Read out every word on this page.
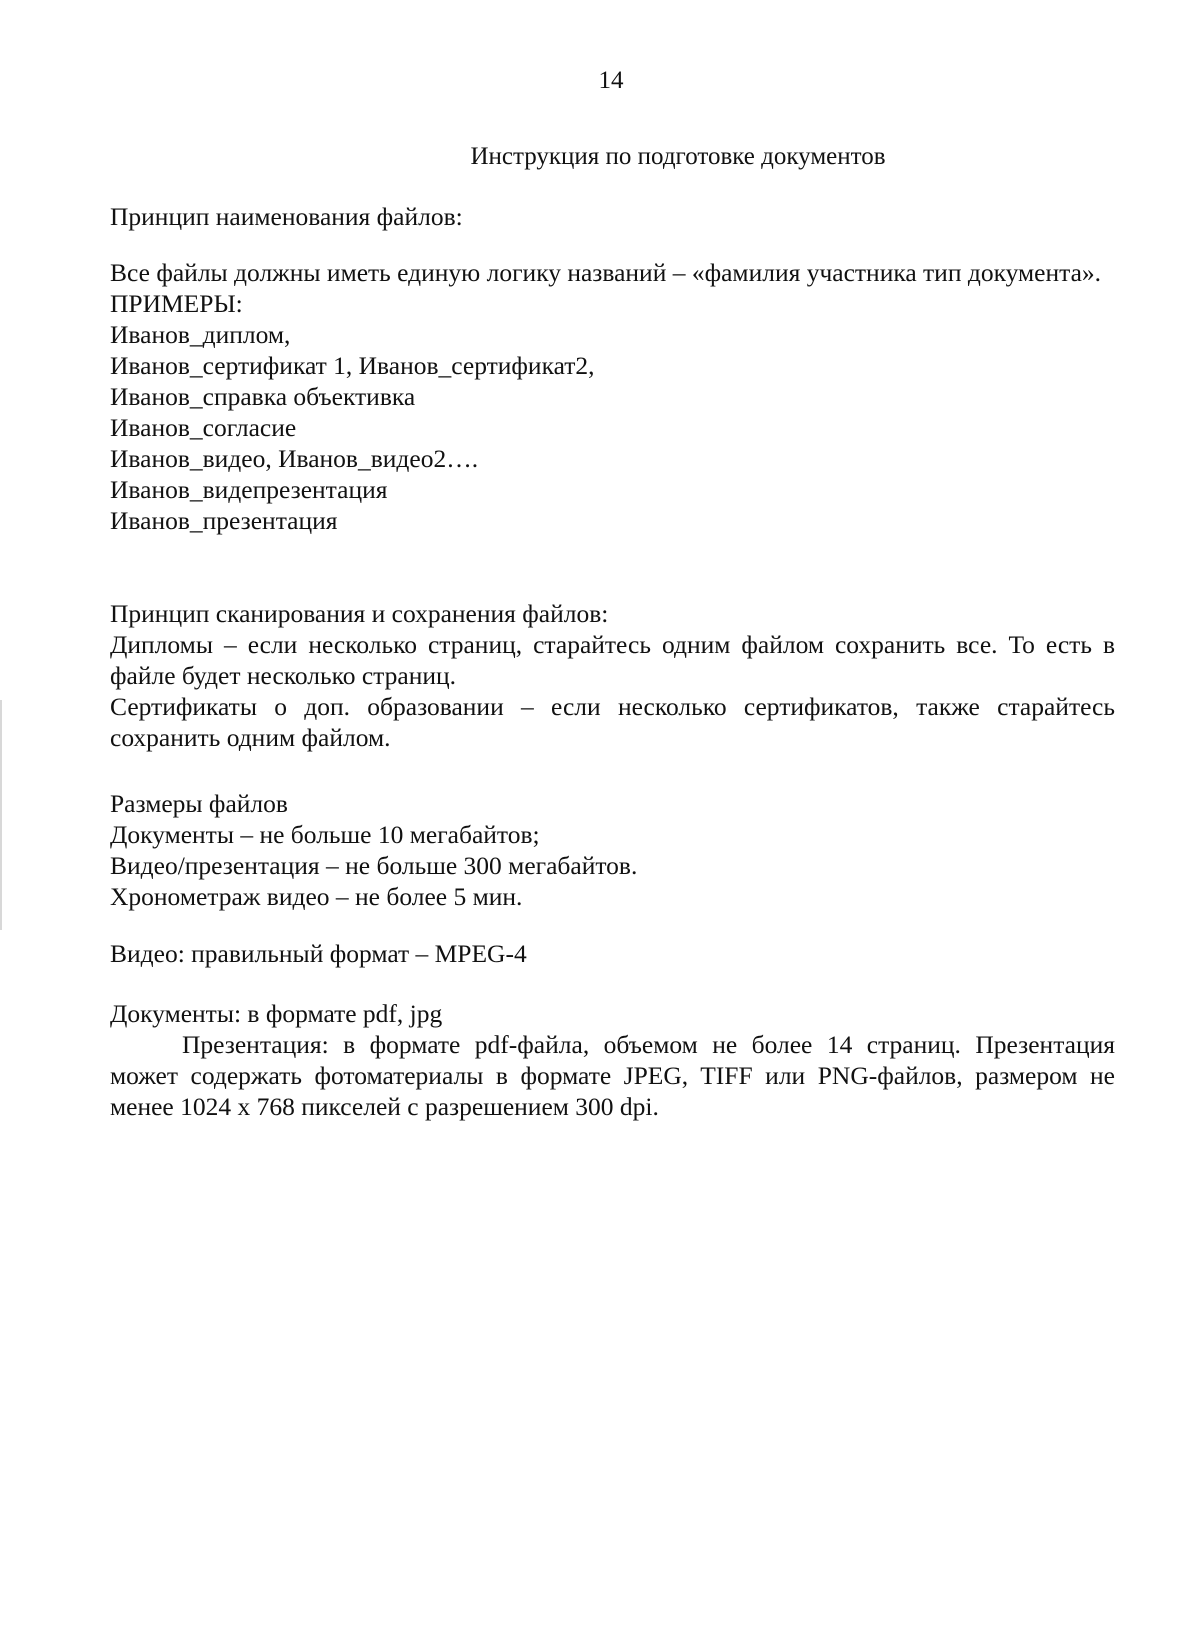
14
Инструкция по подготовке документов

Принцип наименования файлов:

Все файлы должны иметь единую логику названий – «фамилия участника тип документа».

ПРИМЕРЫ:

Иванов_диплом,

Иванов_сертификат 1, Иванов_сертификат2,

Иванов_справка объективка

Иванов_согласие

Иванов_видео, Иванов_видео2….

Иванов_видепрезентация

Иванов_презентация

Принцип сканирования и сохранения файлов:

Дипломы – если несколько страниц, старайтесь одним файлом сохранить все. То есть в файле будет несколько страниц.

Сертификаты о доп. образовании – если несколько сертификатов, также старайтесь сохранить одним файлом.

Размеры файлов

Документы – не больше 10 мегабайтов;

Видео/презентация – не больше 300 мегабайтов.

Хронометраж видео – не более 5 мин.

Видео: правильный формат – MPEG-4

Документы: в формате pdf, jpg

Презентация: в формате pdf-файла, объемом не более 14 страниц. Презентация может содержать фотоматериалы в формате JPEG, TIFF или PNG-файлов, размером не менее 1024 x 768 пикселей с разрешением 300 dpi.
